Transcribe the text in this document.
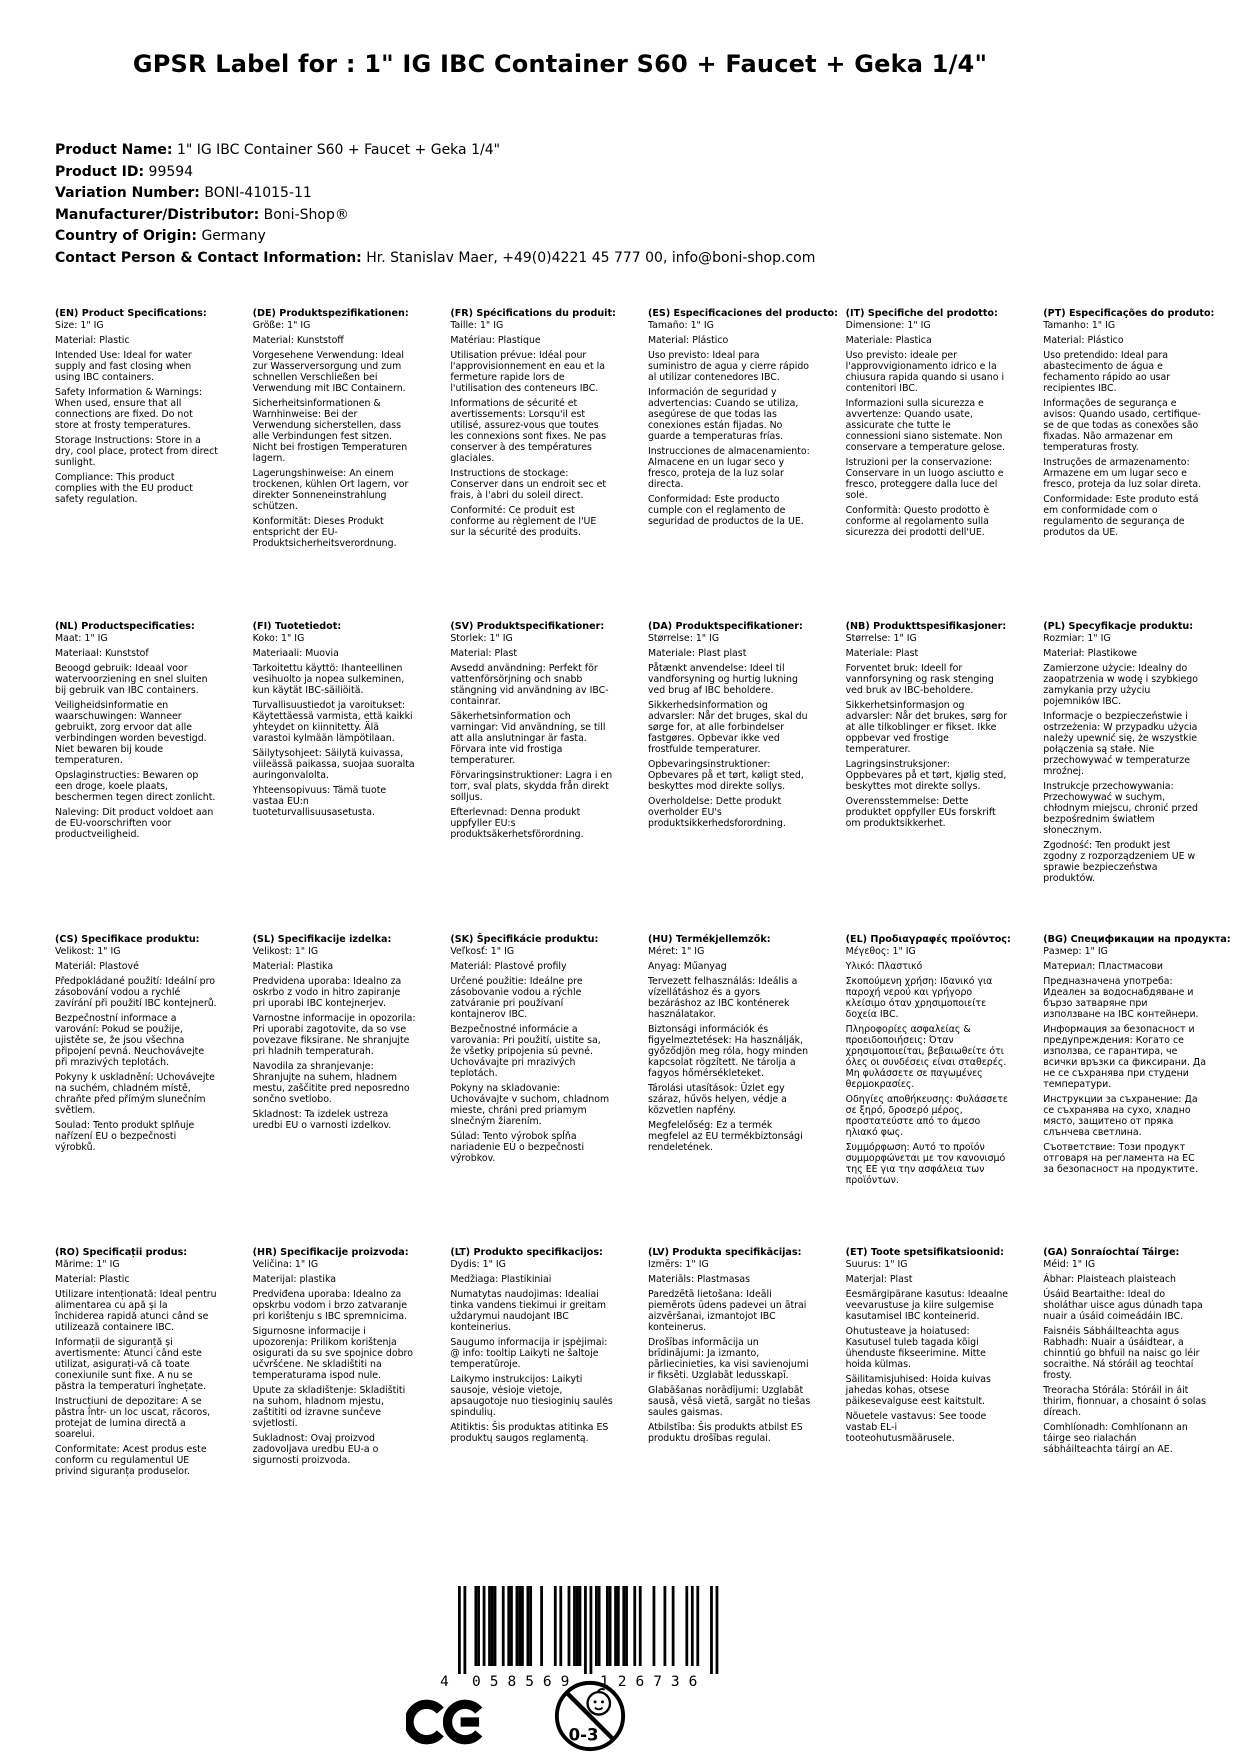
GPSR Label for : 1" IG IBC Container S60 + Faucet + Geka 1/4"
Product Name: 1" IG IBC Container S60 + Faucet + Geka 1/4"
Product ID: 99594
Variation Number: BONI-41015-11
Manufacturer/Distributor: Boni-Shop®
Country of Origin: Germany
Contact Person & Contact Information: Hr. Stanislav Maer, +49(0)4221 45 777 00, info@boni-shop.com
(EN) Product Specifications:

Size: 1" IG

Material: Plastic

Intended Use: Ideal for water supply and fast closing when using IBC containers.

Safety Information & Warnings: When used, ensure that all connections are fixed. Do not store at frosty temperatures.

Storage Instructions: Store in a dry, cool place, protect from direct sunlight.

Compliance: This product complies with the EU product safety regulation.

(DE) Produktspezifikationen:

Größe: 1" IG

Material: Kunststoff

Vorgesehene Verwendung: Ideal zur Wasserversorgung und zum schnellen Verschließen bei Verwendung mit IBC Containern.

Sicherheitsinformationen & Warnhinweise: Bei der Verwendung sicherstellen, dass alle Verbindungen fest sitzen. Nicht bei frostigen Temperaturen lagern.

Lagerungshinweise: An einem trockenen, kühlen Ort lagern, vor direkter Sonneneinstrahlung schützen.

Konformität: Dieses Produkt entspricht der EU-Produktsicherheitsverordnung.

(FR) Spécifications du produit:

Taille: 1" IG

Matériau: Plastique

Utilisation prévue: Idéal pour l'approvisionnement en eau et la fermeture rapide lors de l'utilisation des conteneurs IBC.

Informations de sécurité et avertissements: Lorsqu'il est utilisé, assurez-vous que toutes les connexions sont fixes. Ne pas conserver à des températures glaciales.

Instructions de stockage: Conserver dans un endroit sec et frais, à l'abri du soleil direct.

Conformité: Ce produit est conforme au règlement de l'UE sur la sécurité des produits.

(ES) Especificaciones del producto:

Tamaño: 1" IG

Material: Plástico

Uso previsto: Ideal para suministro de agua y cierre rápido al utilizar contenedores IBC.

Información de seguridad y advertencias: Cuando se utiliza, asegúrese de que todas las conexiones están fijadas. No guarde a temperaturas frías.

Instrucciones de almacenamiento: Almacene en un lugar seco y fresco, proteja de la luz solar directa.

Conformidad: Este producto cumple con el reglamento de seguridad de productos de la UE.

(IT) Specifiche del prodotto:

Dimensione: 1" IG

Materiale: Plastica

Uso previsto: ideale per l'approvvigionamento idrico e la chiusura rapida quando si usano i contenitori IBC.

Informazioni sulla sicurezza e avvertenze: Quando usate, assicurate che tutte le connessioni siano sistemate. Non conservare a temperature gelose.

Istruzioni per la conservazione: Conservare in un luogo asciutto e fresco, proteggere dalla luce del sole.

Conformità: Questo prodotto è conforme al regolamento sulla sicurezza dei prodotti dell'UE.

(PT) Especificações do produto:

Tamanho: 1" IG

Material: Plástico

Uso pretendido: Ideal para abastecimento de água e fechamento rápido ao usar recipientes IBC.

Informações de segurança e avisos: Quando usado, certifique-se de que todas as conexões são fixadas. Não armazenar em temperaturas frosty.

Instruções de armazenamento: Armazene em um lugar seco e fresco, proteja da luz solar direta.

Conformidade: Este produto está em conformidade com o regulamento de segurança de produtos da UE.

(NL) Productspecificaties:

Maat: 1" IG

Materiaal: Kunststof

Beoogd gebruik: Ideaal voor watervoorziening en snel sluiten bij gebruik van IBC containers.

Veiligheidsinformatie en waarschuwingen: Wanneer gebruikt, zorg ervoor dat alle verbindingen worden bevestigd. Niet bewaren bij koude temperaturen.

Opslaginstructies: Bewaren op een droge, koele plaats, beschermen tegen direct zonlicht.

Naleving: Dit product voldoet aan de EU-voorschriften voor productveiligheid.

(FI) Tuotetiedot:

Koko: 1" IG

Materiaali: Muovia

Tarkoitettu käyttö: Ihanteellinen vesihuolto ja nopea sulkeminen, kun käytät IBC-säiliöitä.

Turvallisuustiedot ja varoitukset: Käytettäessä varmista, että kaikki yhteydet on kiinnitetty. Älä varastoi kylmään lämpötilaan.

Säilytysohjeet: Säilytä kuivassa, viileässä paikassa, suojaa suoralta auringonvalolta.

Yhteensopivuus: Tämä tuote vastaa EU:n tuoteturvallisuusasetusta.

(SV) Produktspecifikationer:

Storlek: 1" IG

Material: Plast

Avsedd användning: Perfekt för vattenförsörjning och snabb stängning vid användning av IBC-containrar.

Säkerhetsinformation och varningar: Vid användning, se till att alla anslutningar är fasta. Förvara inte vid frostiga temperaturer.

Förvaringsinstruktioner: Lagra i en torr, sval plats, skydda från direkt solljus.

Efterlevnad: Denna produkt uppfyller EU:s produktsäkerhetsförordning.

(DA) Produktspecifikationer:

Størrelse: 1" IG

Materiale: Plast plast

Påtænkt anvendelse: Ideel til vandforsyning og hurtig lukning ved brug af IBC beholdere.

Sikkerhedsinformation og advarsler: Når det bruges, skal du sørge for, at alle forbindelser fastgøres. Opbevar ikke ved frostfulde temperaturer.

Opbevaringsinstruktioner: Opbevares på et tørt, køligt sted, beskyttes mod direkte sollys.

Overholdelse: Dette produkt overholder EU's produktsikkerhedsforordning.

(NB) Produkttspesifikasjoner:

Størrelse: 1" IG

Materiale: Plast

Forventet bruk: Ideell for vannforsyning og rask stenging ved bruk av IBC-beholdere.

Sikkerhetsinformasjon og advarsler: Når det brukes, sørg for at alle tilkoblinger er fikset. Ikke oppbevar ved frostige temperaturer.

Lagringsinstruksjoner: Oppbevares på et tørt, kjølig sted, beskyttes mot direkte sollys.

Overensstemmelse: Dette produktet oppfyller EUs forskrift om produktsikkerhet.

(PL) Specyfikacje produktu:

Rozmiar: 1" IG

Materiał: Plastikowe

Zamierzone użycie: Idealny do zaopatrzenia w wodę i szybkiego zamykania przy użyciu pojemników IBC.

Informacje o bezpieczeństwie i ostrzeżenia: W przypadku użycia należy upewnić się, że wszystkie połączenia są stałe. Nie przechowywać w temperaturze mroźnej.

Instrukcje przechowywania: Przechowywać w suchym, chłodnym miejscu, chronić przed bezpośrednim światłem słonecznym.

Zgodność: Ten produkt jest zgodny z rozporządzeniem UE w sprawie bezpieczeństwa produktów.

(CS) Specifikace produktu:

Velikost: 1" IG

Materiál: Plastové

Předpokládané použití: Ideální pro zásobování vodou a rychlé zavírání při použití IBC kontejnerů.

Bezpečnostní informace a varování: Pokud se použije, ujistěte se, že jsou všechna připojení pevná. Neuchovávejte při mrazivých teplotách.

Pokyny k uskladnění: Uchovávejte na suchém, chladném místě, chraňte před přímým slunečním světlem.

Soulad: Tento produkt splňuje nařízení EU o bezpečnosti výrobků.

(SL) Specifikacije izdelka:

Velikost: 1" IG

Material: Plastika

Predvidena uporaba: Idealno za oskrbo z vodo in hitro zapiranje pri uporabi IBC kontejnerjev.

Varnostne informacije in opozorila: Pri uporabi zagotovite, da so vse povezave fiksirane. Ne shranjujte pri hladnih temperaturah.

Navodila za shranjevanje: Shranjujte na suhem, hladnem mestu, zaščitite pred neposredno sončno svetlobo.

Skladnost: Ta izdelek ustreza uredbi EU o varnosti izdelkov.

(SK) Špecifikácie produktu:

Veľkosť: 1" IG

Materiál: Plastové profily

Určené použitie: Ideálne pre zásobovanie vodou a rýchle zatváranie pri používaní kontajnerov IBC.

Bezpečnostné informácie a varovania: Pri použití, uistite sa, že všetky pripojenia sú pevné. Uchovávajte pri mrazivých teplotách.

Pokyny na skladovanie: Uchovávajte v suchom, chladnom mieste, chráni pred priamym slnečným žiarením.

Súlad: Tento výrobok spĺňa nariadenie EÚ o bezpečnosti výrobkov.

(HU) Termékjellemzők:

Méret: 1" IG

Anyag: Műanyag

Tervezett felhasználás: Ideális a vízellátáshoz és a gyors bezáráshoz az IBC konténerek használatakor.

Biztonsági információk és figyelmeztetések: Ha használják, győződjön meg róla, hogy minden kapcsolat rögzített. Ne tárolja a fagyos hőmérsékleteket.

Tárolási utasítások: Üzlet egy száraz, hűvös helyen, védje a közvetlen napfény.

Megfelelőség: Ez a termék megfelel az EU termékbiztonsági rendeletének.

(EL) Προδιαγραφές προϊόντος:

Μέγεθος: 1" IG

Υλικό: Πλαστικό

Σκοπούμενη χρήση: Ιδανικό για παροχή νερού και γρήγορο κλείσιμο όταν χρησιμοποιείτε δοχεία IBC.

Πληροφορίες ασφαλείας & προειδοποιήσεις: Όταν χρησιμοποιείται, βεβαιωθείτε ότι όλες οι συνδέσεις είναι σταθερές. Μη φυλάσσετε σε παγωμένες θερμοκρασίες.

Οδηγίες αποθήκευσης: Φυλάσσετε σε ξηρό, δροσερό μέρος, προστατεύστε από το άμεσο ηλιακό φως.

Συμμόρφωση: Αυτό το προϊόν συμμορφώνεται με τον κανονισμό της ΕΕ για την ασφάλεια των προϊόντων.

(BG) Спецификации на продукта:

Размер: 1" IG

Материал: Пластмасови

Предназначена употреба: Идеален за водоснабдяване и бързо затваряне при използване на IBC контейнери.

Информация за безопасност и предупреждения: Когато се използва, се гарантира, че всички връзки са фиксирани. Да не се съхранява при студени температури.

Инструкции за съхранение: Да се съхранява на сухо, хладно място, защитено от пряка слънчева светлина.

Съответствие: Този продукт отговаря на регламента на ЕС за безопасност на продуктите.

(RO) Specificații produs:

Mărime: 1" IG

Material: Plastic

Utilizare intenționată: Ideal pentru alimentarea cu apă și la închiderea rapidă atunci când se utilizează containere IBC.

Informații de siguranță și avertismente: Atunci când este utilizat, asigurați-vă că toate conexiunile sunt fixe. A nu se păstra la temperaturi înghețate.

Instrucțiuni de depozitare: A se păstra într- un loc uscat, răcoros, protejat de lumina directă a soarelui.

Conformitate: Acest produs este conform cu regulamentul UE privind siguranța produselor.

(HR) Specifikacije proizvoda:

Veličina: 1" IG

Materijal: plastika

Predviđena uporaba: Idealno za opskrbu vodom i brzo zatvaranje pri korištenju s IBC spremnicima.

Sigurnosne informacije i upozorenja: Prilikom korištenja osigurati da su sve spojnice dobro učvršćene. Ne skladištiti na temperaturama ispod nule.

Upute za skladištenje: Skladištiti na suhom, hladnom mjestu, zaštititi od izravne sunčeve svjetlosti.

Sukladnost: Ovaj proizvod zadovoljava uredbu EU-a o sigurnosti proizvoda.

(LT) Produkto specifikacijos:

Dydis: 1" IG

Medžiaga: Plastikiniai

Numatytas naudojimas: Idealiai tinka vandens tiekimui ir greitam uždarymui naudojant IBC konteinerius.

Saugumo informacija ir įspėjimai: @ info: tooltip Laikyti ne šaltoje temperatūroje.

Laikymo instrukcijos: Laikyti sausoje, vėsioje vietoje, apsaugotoje nuo tiesioginių saulės spindulių.

Atitiktis: Šis produktas atitinka ES produktų saugos reglamentą.

(LV) Produkta specifikācijas:

Izmērs: 1" IG

Materiāls: Plastmasas

Paredzētā lietošana: Ideāli piemērots ūdens padevei un ātrai aizvēršanai, izmantojot IBC konteinerus.

Drošības informācija un brīdinājumi: Ja izmanto, pārliecinieties, ka visi savienojumi ir fiksēti. Uzglabāt ledusskapī.

Glabāšanas norādījumi: Uzglabāt sausā, vēsā vietā, sargāt no tiešas saules gaismas.

Atbilstība: Šis produkts atbilst ES produktu drošības regulai.

(ET) Toote spetsifikatsioonid:

Suurus: 1" IG

Materjal: Plast

Eesmärgipärane kasutus: Ideaalne veevarustuse ja kiire sulgemise kasutamisel IBC konteinerid.

Ohutusteave ja hoiatused: Kasutusel tuleb tagada kõigi ühenduste fikseerimine. Mitte hoida külmas.

Säilitamisjuhised: Hoida kuivas jahedas kohas, otsese päikesevalguse eest kaitstult.

Nõuetele vastavus: See toode vastab EL-i tooteohutusmäärusele.

(GA) Sonraíochtaí Táirge:

Méid: 1" IG

Ábhar: Plaisteach plaisteach

Úsáid Beartaithe: Ideal do sholáthar uisce agus dúnadh tapa nuair a úsáid coimeádáin IBC.

Faisnéis Sábháilteachta agus Rabhadh: Nuair a úsáidtear, a chinntiú go bhfuil na naisc go léir socraithe. Ná stóráil ag teochtaí frosty.

Treoracha Stórála: Stóráil in áit thirim, fionnuar, a chosaint ó solas díreach.

Comhlíonadh: Comhlíonann an táirge seo rialachán sábháilteachta táirgí an AE.

4 058569 126736
0-3
